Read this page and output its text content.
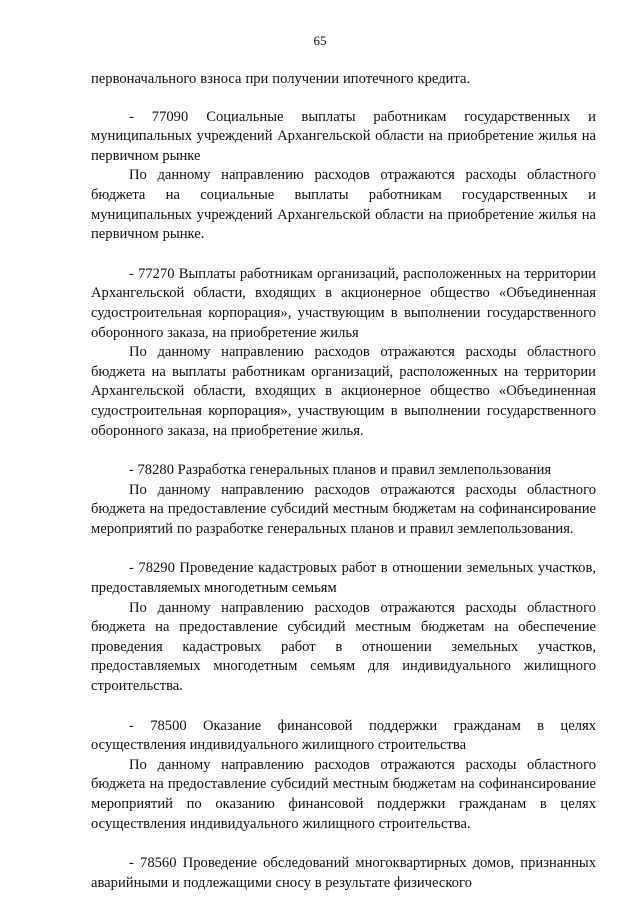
65

первоначального взноса при получении ипотечного кредита.

- 77090 Социальные выплаты работникам государственных и муниципальных учреждений Архангельской области на приобретение жилья на первичном рынке

По данному направлению расходов отражаются расходы областного бюджета на социальные выплаты работникам государственных и муниципальных учреждений Архангельской области на приобретение жилья на первичном рынке.

- 77270 Выплаты работникам организаций, расположенных на территории Архангельской области, входящих в акционерное общество «Объединенная судостроительная корпорация», участвующим в выполнении государственного оборонного заказа, на приобретение жилья

По данному направлению расходов отражаются расходы областного бюджета на выплаты работникам организаций, расположенных на территории Архангельской области, входящих в акционерное общество «Объединенная судостроительная корпорация», участвующим в выполнении государственного оборонного заказа, на приобретение жилья.

- 78280 Разработка генеральных планов и правил землепользования

По данному направлению расходов отражаются расходы областного бюджета на предоставление субсидий местным бюджетам на софинансирование мероприятий по разработке генеральных планов и правил землепользования.

- 78290 Проведение кадастровых работ в отношении земельных участков, предоставляемых многодетным семьям

По данному направлению расходов отражаются расходы областного бюджета на предоставление субсидий местным бюджетам на обеспечение проведения кадастровых работ в отношении земельных участков, предоставляемых многодетным семьям для индивидуального жилищного строительства.

- 78500 Оказание финансовой поддержки гражданам в целях осуществления индивидуального жилищного строительства

По данному направлению расходов отражаются расходы областного бюджета на предоставление субсидий местным бюджетам на софинансирование мероприятий по оказанию финансовой поддержки гражданам в целях осуществления индивидуального жилищного строительства.

- 78560 Проведение обследований многоквартирных домов, признанных аварийными и подлежащими сносу в результате физического
